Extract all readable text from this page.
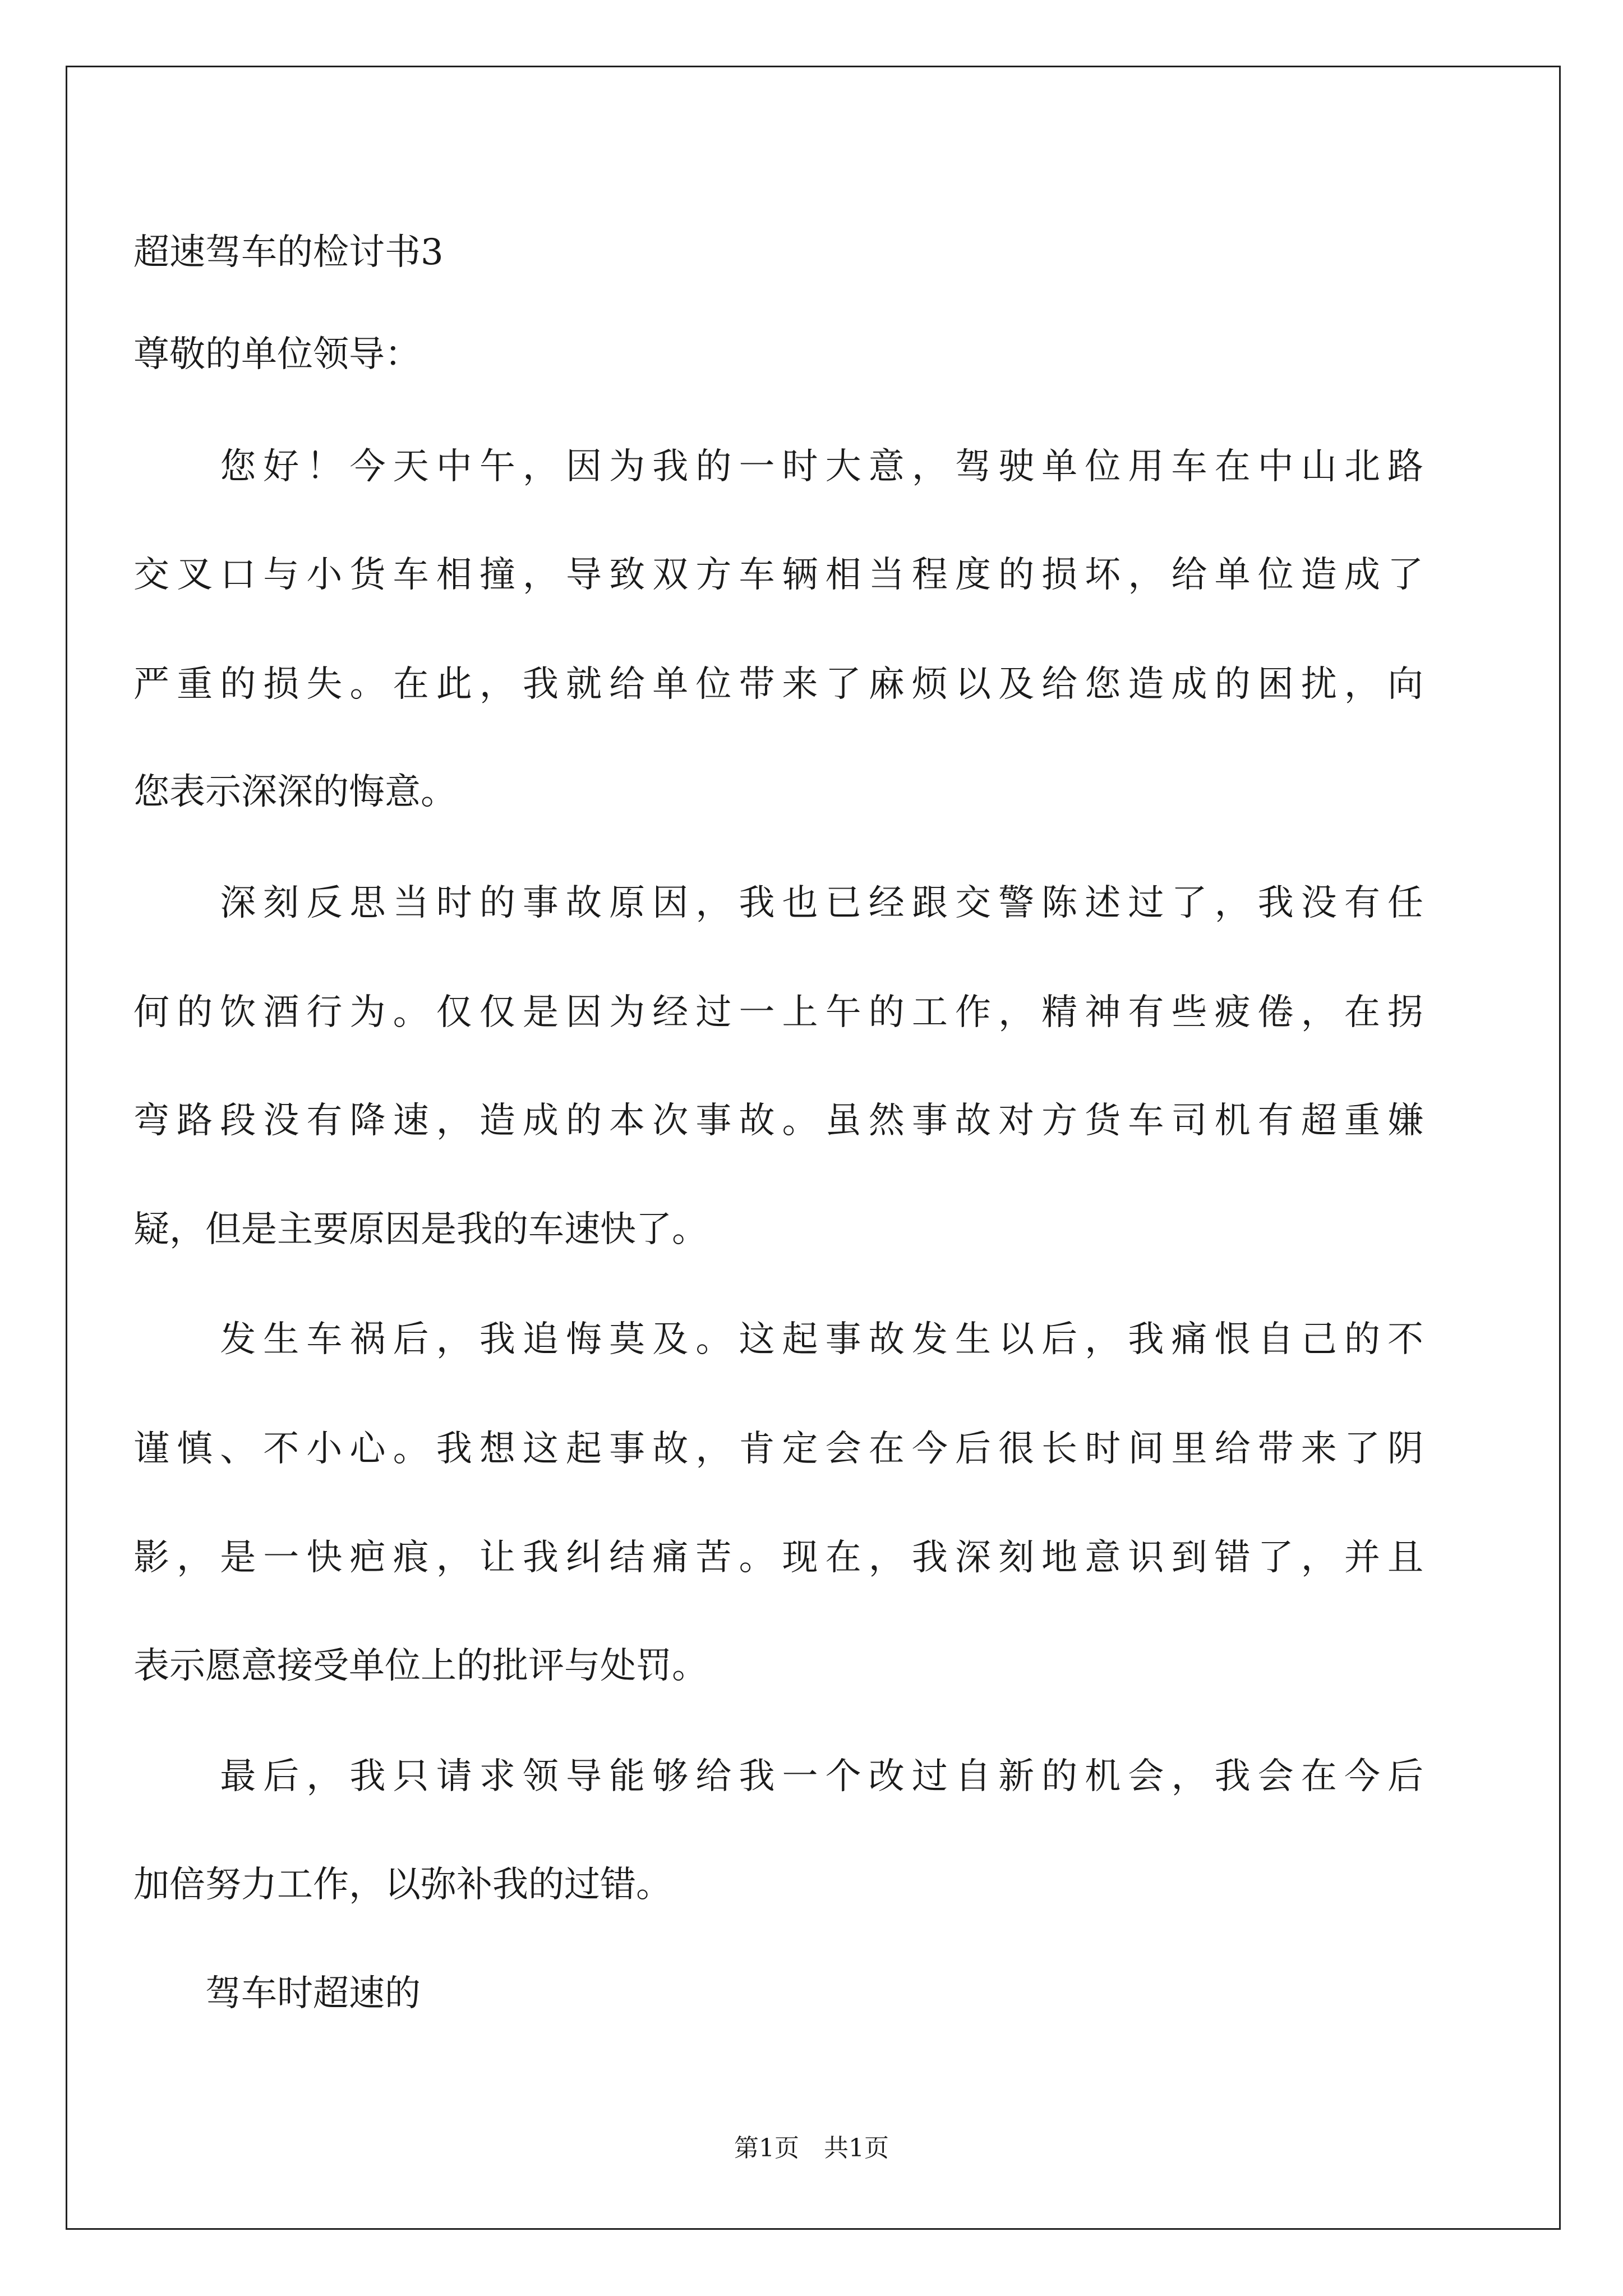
超速驾车的检讨书3
尊敬的单位领导：
　　您好！今天中午，因为我的一时大意，驾驶单位用车在中山北路
交叉口与小货车相撞，导致双方车辆相当程度的损坏，给单位造成了
严重的损失。在此，我就给单位带来了麻烦以及给您造成的困扰，向
您表示深深的悔意。
　　深刻反思当时的事故原因，我也已经跟交警陈述过了，我没有任
何的饮酒行为。仅仅是因为经过一上午的工作，精神有些疲倦，在拐
弯路段没有降速，造成的本次事故。虽然事故对方货车司机有超重嫌
疑，但是主要原因是我的车速快了。
　　发生车祸后，我追悔莫及。这起事故发生以后，我痛恨自己的不
谨慎、不小心。我想这起事故，肯定会在今后很长时间里给带来了阴
影，是一快疤痕，让我纠结痛苦。现在，我深刻地意识到错了，并且
表示愿意接受单位上的批评与处罚。
　　最后，我只请求领导能够给我一个改过自新的机会，我会在今后
加倍努力工作，以弥补我的过错。
　　驾车时超速的
第1页　共1页
